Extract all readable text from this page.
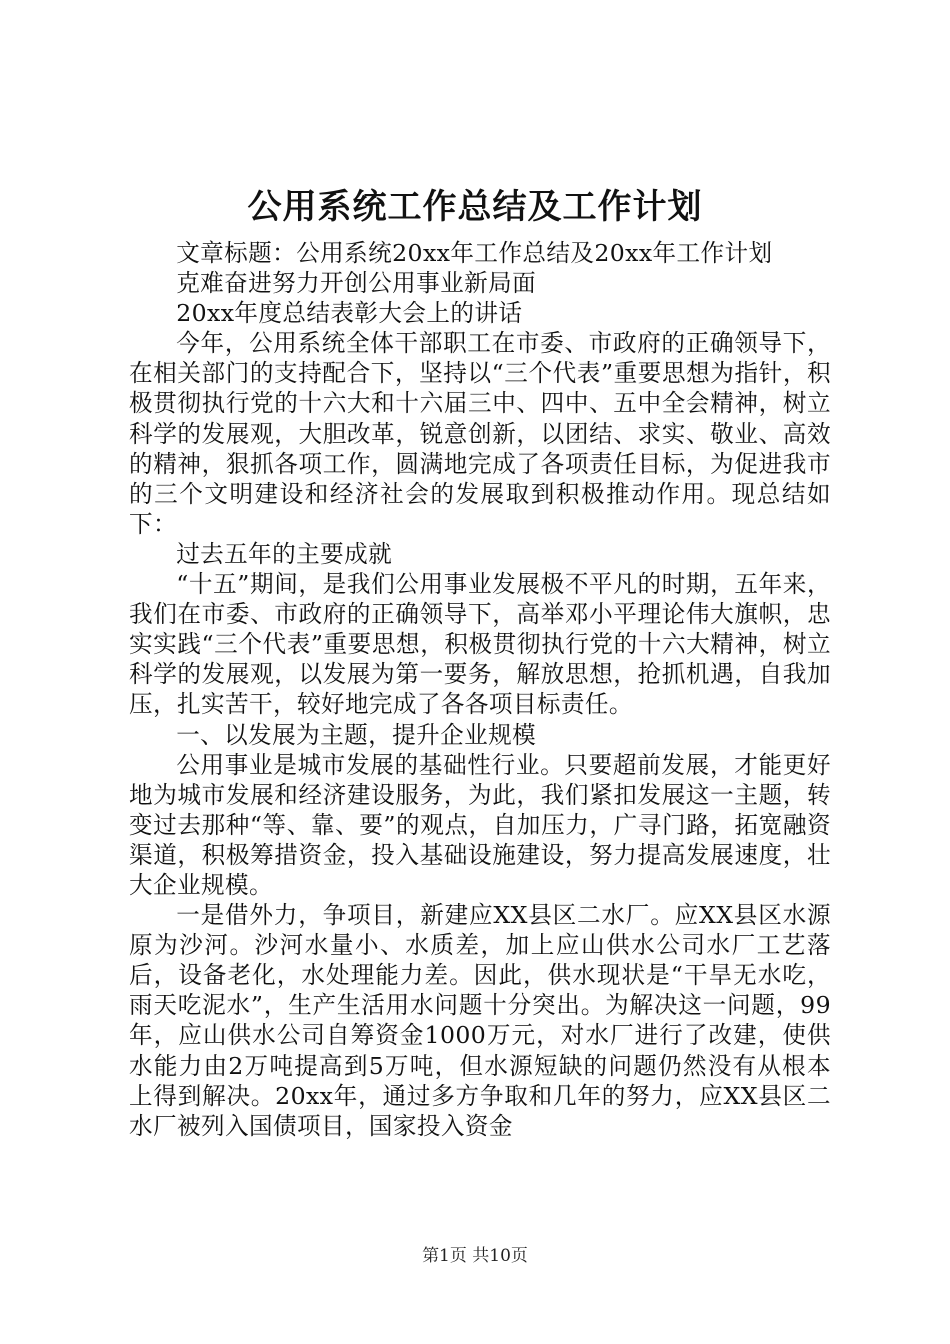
公用系统工作总结及工作计划

文章标题：公用系统20xx年工作总结及20xx年工作计划

克难奋进努力开创公用事业新局面

20xx年度总结表彰大会上的讲话

今年，公用系统全体干部职工在市委、市政府的正确领导下，在相关部门的支持配合下，坚持以“三个代表”重要思想为指针，积极贯彻执行党的十六大和十六届三中、四中、五中全会精神，树立科学的发展观，大胆改革，锐意创新，以团结、求实、敬业、高效的精神，狠抓各项工作，圆满地完成了各项责任目标，为促进我市的三个文明建设和经济社会的发展取到积极推动作用。现总结如下：

过去五年的主要成就

“十五”期间，是我们公用事业发展极不平凡的时期，五年来，我们在市委、市政府的正确领导下，高举邓小平理论伟大旗帜，忠实实践“三个代表”重要思想，积极贯彻执行党的十六大精神，树立科学的发展观，以发展为第一要务，解放思想，抢抓机遇，自我加压，扎实苦干，较好地完成了各各项目标责任。

一、以发展为主题，提升企业规模

公用事业是城市发展的基础性行业。只要超前发展，才能更好地为城市发展和经济建设服务，为此，我们紧扣发展这一主题，转变过去那种“等、靠、要”的观点，自加压力，广寻门路，拓宽融资渠道，积极筹措资金，投入基础设施建设，努力提高发展速度，壮大企业规模。

一是借外力，争项目，新建应XX县区二水厂。应XX县区水源原为沙河。沙河水量小、水质差，加上应山供水公司水厂工艺落后，设备老化，水处理能力差。因此，供水现状是“干旱无水吃，雨天吃泥水”，生产生活用水问题十分突出。为解决这一问题，99年，应山供水公司自筹资金1000万元，对水厂进行了改建，使供水能力由2万吨提高到5万吨，但水源短缺的问题仍然没有从根本上得到解决。20xx年，通过多方争取和几年的努力，应XX县区二水厂被列入国债项目，国家投入资金

第1页 共10页
